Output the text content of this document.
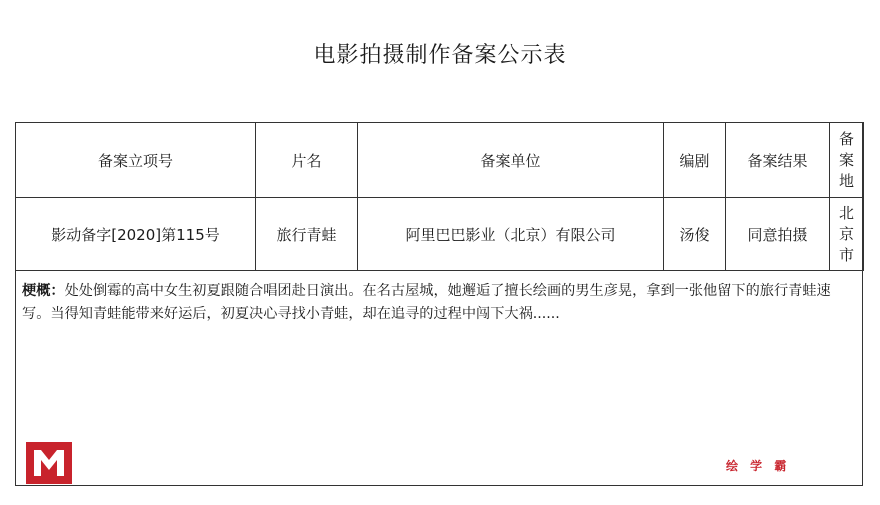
电影拍摄制作备案公示表
备案立项号	片名	备案单位	编剧	备案结果	备案地

影动备字[2020]第115号	旅行青蛙	阿里巴巴影业（北京）有限公司	汤俊	同意拍摄	北京市
梗概：处处倒霉的高中女生初夏跟随合唱团赴日演出。在名古屋城，她邂逅了擅长绘画的男生彦晃，拿到一张他留下的旅行青蛙速写。当得知青蛙能带来好运后，初夏决心寻找小青蛙，却在追寻的过程中闯下大祸......
绘 学 霸
